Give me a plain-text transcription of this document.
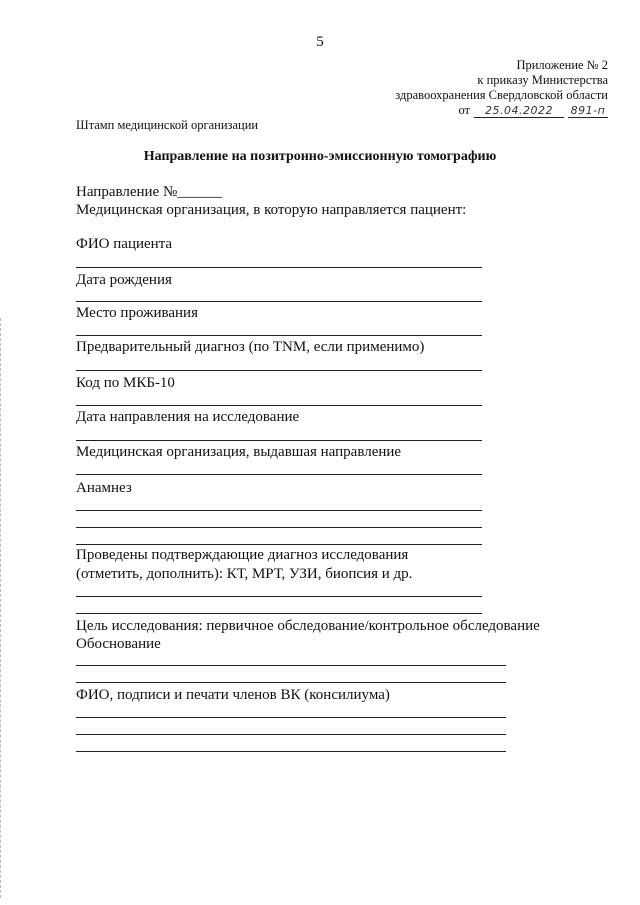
5
Приложение № 2
к приказу Министерства
здравоохранения Свердловской области
от	25.04.2022	891-п
Штамп медицинской организации
Направление на позитронно-эмиссионную томографию
Направление №______
Медицинская организация, в которую направляется пациент:
ФИО пациента
Дата рождения
Место проживания
Предварительный диагноз (по TNM, если применимо)
Код по МКБ-10
Дата направления на исследование
Медицинская организация, выдавшая направление
Анамнез
Проведены подтверждающие диагноз исследования
(отметить, дополнить): КТ, МРТ, УЗИ, биопсия и др.
Цель исследования: первичное обследование/контрольное обследование
Обоснование
ФИО, подписи и печати членов ВК (консилиума)
